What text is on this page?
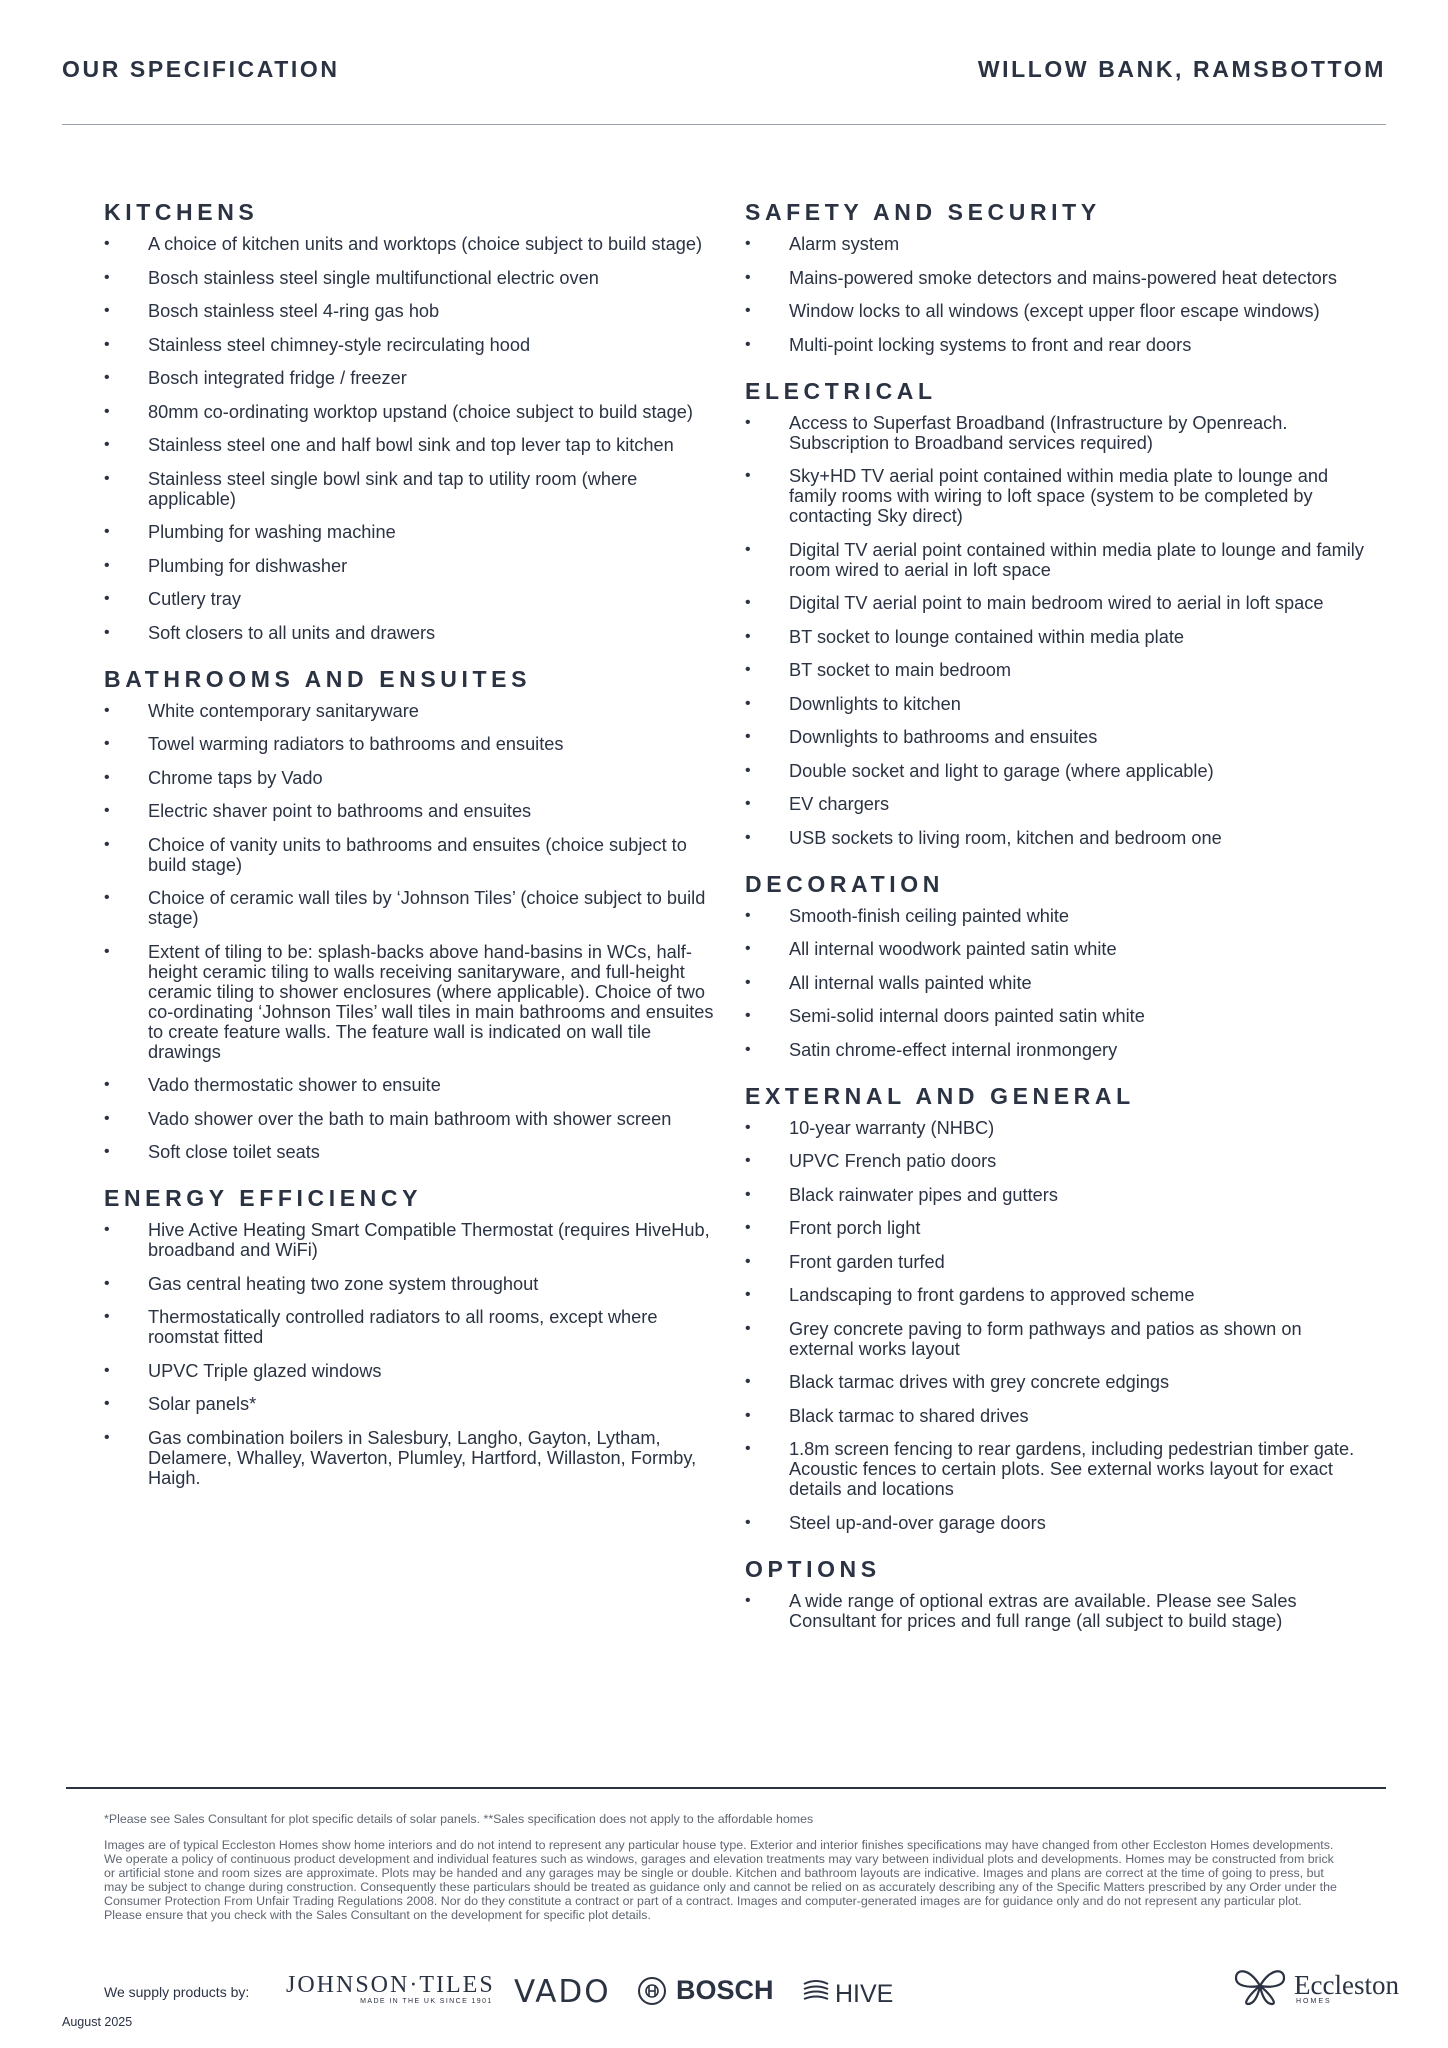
OUR SPECIFICATION	WILLOW BANK, RAMSBOTTOM
KITCHENS
• A choice of kitchen units and worktops (choice subject to build stage)
• Bosch stainless steel single multifunctional electric oven
• Bosch stainless steel 4-ring gas hob
• Stainless steel chimney-style recirculating hood
• Bosch integrated fridge / freezer
• 80mm co-ordinating worktop upstand (choice subject to build stage)
• Stainless steel one and half bowl sink and top lever tap to kitchen
• Stainless steel single bowl sink and tap to utility room (where applicable)
• Plumbing for washing machine
• Plumbing for dishwasher
• Cutlery tray
• Soft closers to all units and drawers
BATHROOMS AND ENSUITES
• White contemporary sanitaryware
• Towel warming radiators to bathrooms and ensuites
• Chrome taps by Vado
• Electric shaver point to bathrooms and ensuites
• Choice of vanity units to bathrooms and ensuites (choice subject to build stage)
• Choice of ceramic wall tiles by ‘Johnson Tiles’ (choice subject to build stage)
• Extent of tiling to be: splash-backs above hand-basins in WCs, half-height ceramic tiling to walls receiving sanitaryware, and full-height ceramic tiling to shower enclosures (where applicable). Choice of two co-ordinating ‘Johnson Tiles’ wall tiles in main bathrooms and ensuites to create feature walls. The feature wall is indicated on wall tile drawings
• Vado thermostatic shower to ensuite
• Vado shower over the bath to main bathroom with shower screen
• Soft close toilet seats
ENERGY EFFICIENCY
• Hive Active Heating Smart Compatible Thermostat (requires HiveHub, broadband and WiFi)
• Gas central heating two zone system throughout
• Thermostatically controlled radiators to all rooms, except where roomstat fitted
• UPVC Triple glazed windows
• Solar panels*
• Gas combination boilers in Salesbury, Langho, Gayton, Lytham, Delamere, Whalley, Waverton, Plumley, Hartford, Willaston, Formby, Haigh.
SAFETY AND SECURITY
• Alarm system
• Mains-powered smoke detectors and mains-powered heat detectors
• Window locks to all windows (except upper floor escape windows)
• Multi-point locking systems to front and rear doors
ELECTRICAL
• Access to Superfast Broadband (Infrastructure by Openreach. Subscription to Broadband services required)
• Sky+HD TV aerial point contained within media plate to lounge and family rooms with wiring to loft space (system to be completed by contacting Sky direct)
• Digital TV aerial point contained within media plate to lounge and family room wired to aerial in loft space
• Digital TV aerial point to main bedroom wired to aerial in loft space
• BT socket to lounge contained within media plate
• BT socket to main bedroom
• Downlights to kitchen
• Downlights to bathrooms and ensuites
• Double socket and light to garage (where applicable)
• EV chargers
• USB sockets to living room, kitchen and bedroom one
DECORATION
• Smooth-finish ceiling painted white
• All internal woodwork painted satin white
• All internal walls painted white
• Semi-solid internal doors painted satin white
• Satin chrome-effect internal ironmongery
EXTERNAL AND GENERAL
• 10-year warranty (NHBC)
• UPVC French patio doors
• Black rainwater pipes and gutters
• Front porch light
• Front garden turfed
• Landscaping to front gardens to approved scheme
• Grey concrete paving to form pathways and patios as shown on external works layout
• Black tarmac drives with grey concrete edgings
• Black tarmac to shared drives
• 1.8m screen fencing to rear gardens, including pedestrian timber gate. Acoustic fences to certain plots. See external works layout for exact details and locations
• Steel up-and-over garage doors
OPTIONS
• A wide range of optional extras are available. Please see Sales Consultant for prices and full range (all subject to build stage)
*Please see Sales Consultant for plot specific details of solar panels. **Sales specification does not apply to the affordable homes
Images are of typical Eccleston Homes show home interiors and do not intend to represent any particular house type. Exterior and interior finishes specifications may have changed from other Eccleston Homes developments. We operate a policy of continuous product development and individual features such as windows, garages and elevation treatments may vary between individual plots and developments. Homes may be constructed from brick or artificial stone and room sizes are approximate. Plots may be handed and any garages may be single or double. Kitchen and bathroom layouts are indicative. Images and plans are correct at the time of going to press, but may be subject to change during construction. Consequently these particulars should be treated as guidance only and cannot be relied on as accurately describing any of the Specific Matters prescribed by any Order under the Consumer Protection From Unfair Trading Regulations 2008. Nor do they constitute a contract or part of a contract. Images and computer-generated images are for guidance only and do not represent any particular plot. Please ensure that you check with the Sales Consultant on the development for specific plot details.
We supply products by: JOHNSON·TILES
MADE IN THE UK SINCE 1901 VADO BOSCH HIVE	Eccleston
HOMES
August 2025
